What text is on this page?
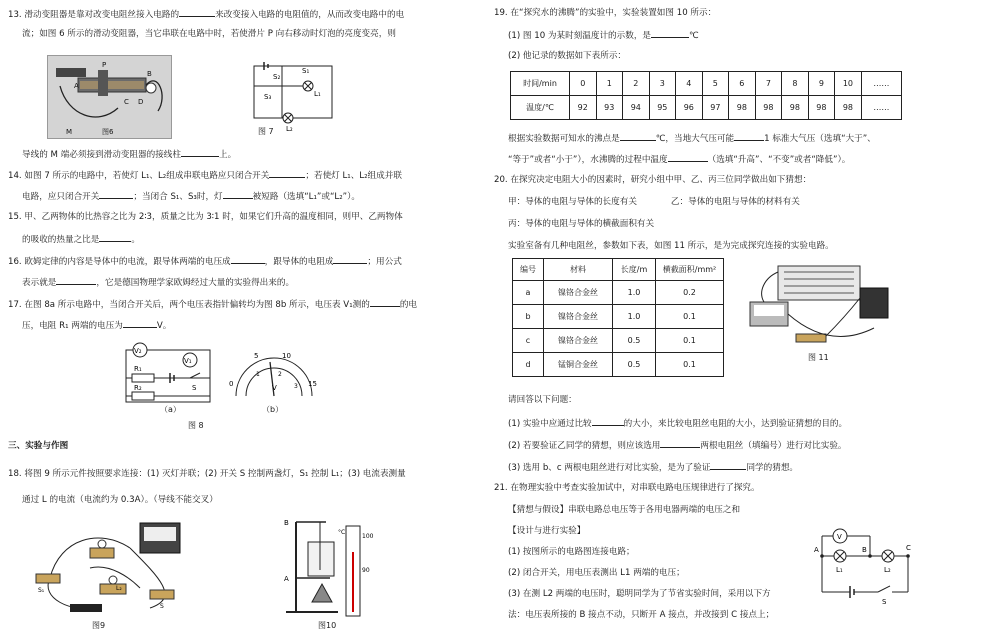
13. 滑动变阻器是靠对改变电阻丝接入电路的	来改变接入电路的电阻值的，从而改变电路中的电
流；如图 6 所示的滑动变阻器，当它串联在电路中时，若使滑片 P 向右移动时灯泡的亮度变亮，则
M
P
A
B
C D
图6
S₂
S₁
S₃	L₁
L₂
图 7
导线的 M 端必须接到滑动变阻器的接线柱	上。
14. 如图 7 所示的电路中，若使灯 L₁、L₂组成串联电路应只闭合开关	；若使灯 L₁、L₂组成并联
电路，应只闭合开关	；当闭合 S₁、S₃时，灯	被短路（选填“L₁”或“L₂”）。
15. 甲、乙两物体的比热容之比为 2∶3，质量之比为 3∶1 时，如果它们升高的温度相同，则甲、乙两物体
的吸收的热量之比是	。
16. 欧姆定律的内容是导体中的电流，跟导体两端的电压成	，跟导体的电阻成	；用公式
表示就是	，它是德国物理学家欧姆经过大量的实验得出来的。
17. 在图 8a 所示电路中，当闭合开关后，两个电压表指针偏转均为图 8b 所示，电压表 V₁测的	的电
压，电阻 R₁ 两端的电压为	V。
V₂
V₁
R₁
S
R₂
（a）
0
5	10
15
1	2
3
V
（b）
图 8
三、实验与作图
18. 将图 9 所示元件按照要求连接：(1) 灭灯并联；(2) 开关 S 控制两盏灯，S₁ 控制 L₁；(3) 电流表测量
通过 L 的电流（电流约为 0.3A）。（导线不能交叉）
L₂
S₁
S
图9
B
A
°C
100
90
图10
19. 在“探究水的沸腾”的实验中，实验装置如图 10 所示：
(1) 图 10 为某时刻温度计的示数，是	℃
(2) 他记录的数据如下表所示：
时间/min	0	1	2	3	4	5	6	7	8	9	10	……
温度/℃	92	93	94	95	96	97	98	98	98	98	98	……
根据实验数据可知水的沸点是	℃，当地大气压可能	1 标准大气压（选填“大于”、
“等于”或者“小于”），水沸腾的过程中温度	（选填“升高”、“不变”或者“降低”）。
20. 在探究决定电阻大小的因素时，研究小组中甲、乙、丙三位同学做出如下猜想：
甲：导体的电阻与导体的长度有关	乙：导体的电阻与导体的材料有关
丙：导体的电阻与导体的横截面积有关
实验室备有几种电阻丝，参数如下表，如图 11 所示，是为完成探究连接的实验电路。
编号	材料	长度/m	横截面积/mm²
a	镍铬合金丝	1.0	0.2
b	镍铬合金丝	1.0	0.1
c	镍铬合金丝	0.5	0.1
d	锰铜合金丝	0.5	0.1
图 11
请回答以下问题：
(1) 实验中应通过比较	的大小，来比较电阻丝电阻的大小，达到验证猜想的目的。
(2) 若要验证乙同学的猜想，则应该选用	两根电阻丝（填编号）进行对比实验。
(3) 选用 b、c 两根电阻丝进行对比实验，是为了验证	同学的猜想。
21. 在物理实验中考查实验加试中，对串联电路电压规律进行了探究。
【猜想与假设】串联电路总电压等于各用电器两端的电压之和
【设计与进行实验】
(1) 按图所示的电路图连接电路；
(2) 闭合开关，用电压表测出 L1 两端的电压；
(3) 在测 L2 两端的电压时，聪明同学为了节省实验时间，采用以下方
法：电压表所接的 B 接点不动，只断开 A 接点，并改接到 C 接点上；
V
A	B	C
L₁	L₂
S
